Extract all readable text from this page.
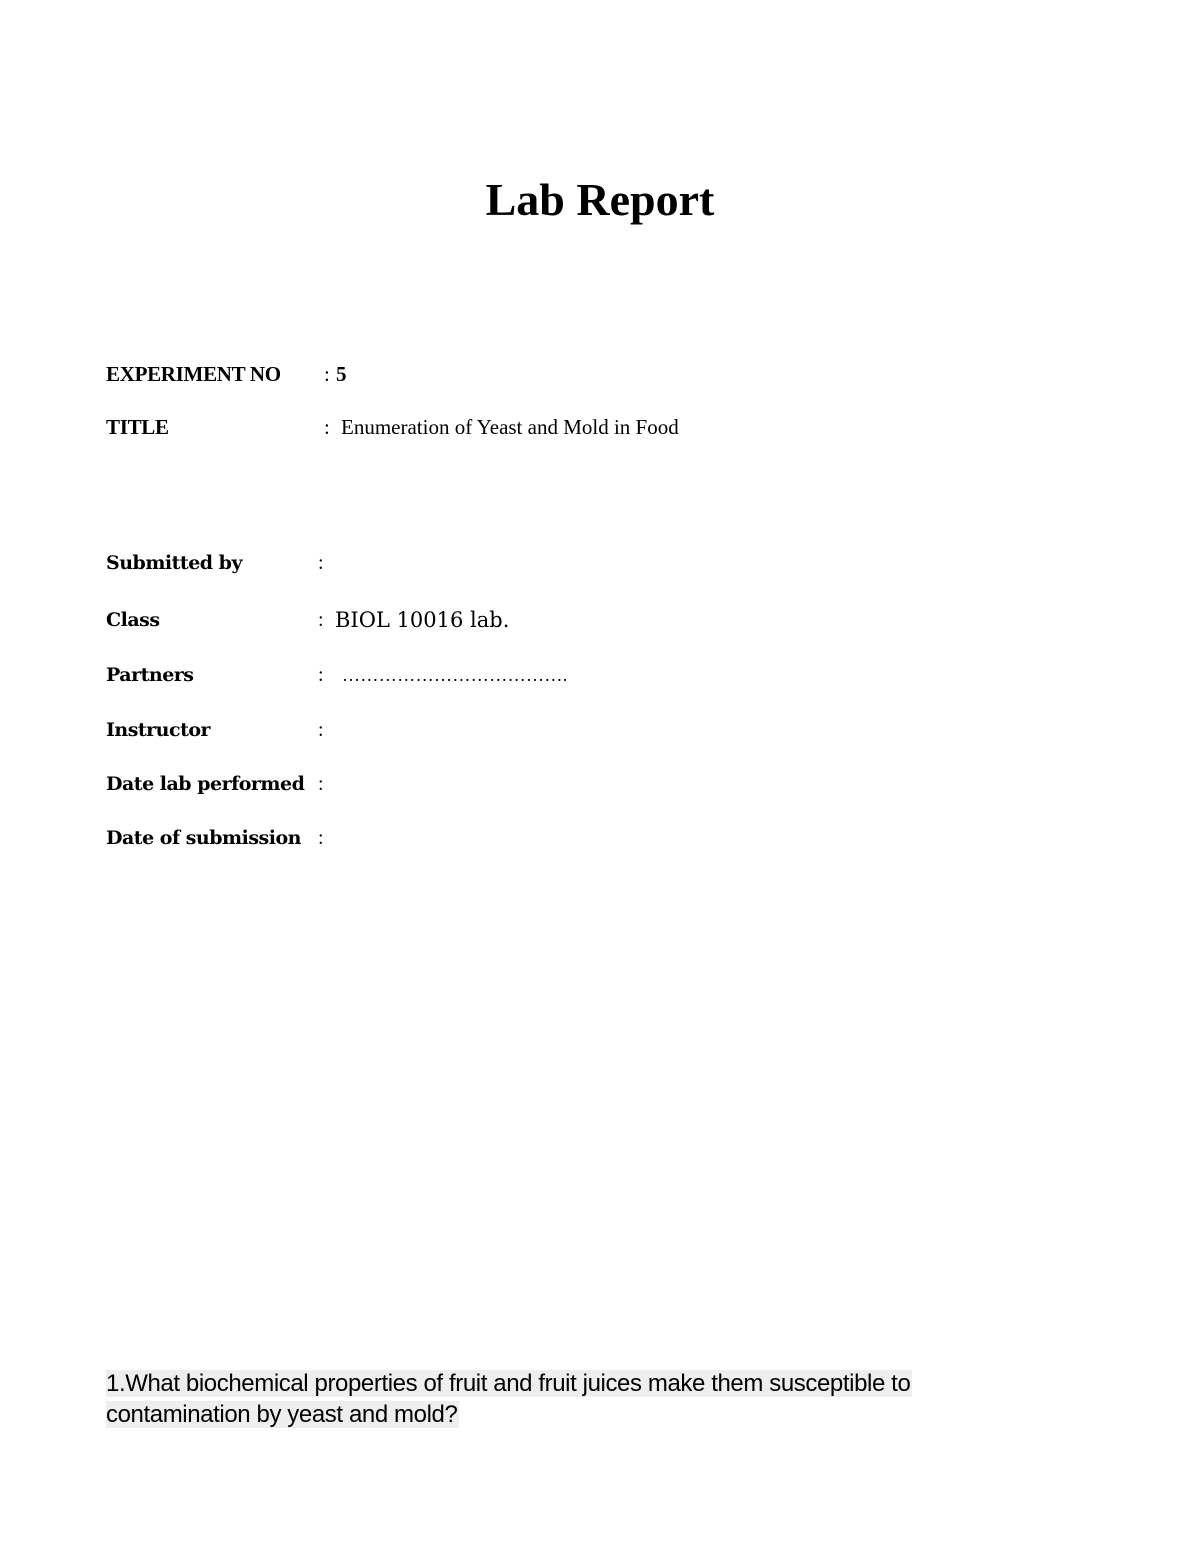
Lab Report
EXPERIMENT NO : 5
TITLE	: Enumeration of Yeast and Mold in Food
Submitted by	:
Class	: BIOL 10016 lab.
Partners	: ……………………………….
Instructor	:
Date lab performed :
Date of submission :
1.What biochemical properties of fruit and fruit juices make them susceptible to contamination by yeast and mold?
